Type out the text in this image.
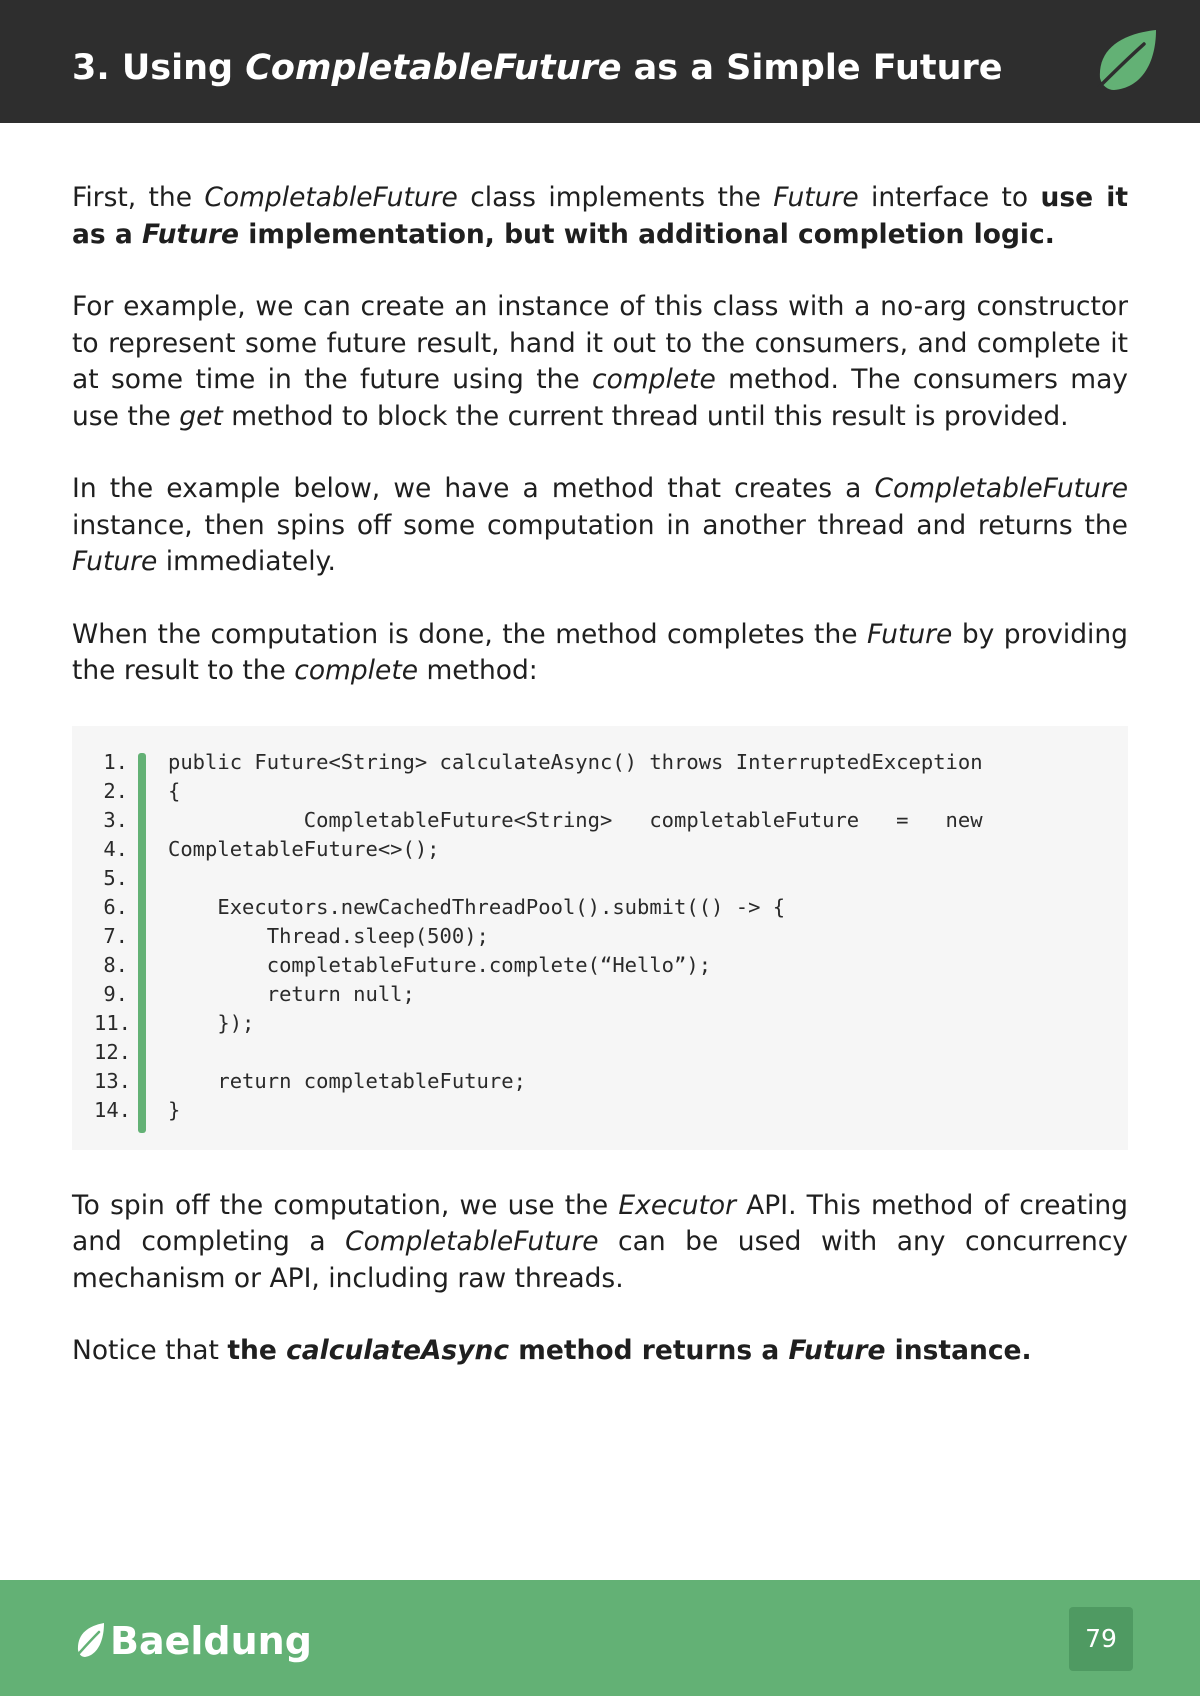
3. Using CompletableFuture as a Simple Future

First, the CompletableFuture class implements the Future interface to use it as a Future implementation, but with additional completion logic.

For example, we can create an instance of this class with a no-arg constructor to represent some future result, hand it out to the consumers, and complete it at some time in the future using the complete method. The consumers may use the get method to block the current thread until this result is provided.

In the example below, we have a method that creates a CompletableFuture instance, then spins off some computation in another thread and returns the Future immediately.

When the computation is done, the method completes the Future by providing the result to the complete method:

1. public Future<String> calculateAsync() throws InterruptedException
2. {
3. CompletableFuture<String>   completableFuture   =   new
4. CompletableFuture<>();
5.
6. Executors.newCachedThreadPool().submit(() -> {
7. Thread.sleep(500);
8. completableFuture.complete(“Hello”);
9. return null;
11. });
12.
13. return completableFuture;
14. }

To spin off the computation, we use the Executor API. This method of creating and completing a CompletableFuture can be used with any concurrency mechanism or API, including raw threads.

Notice that the calculateAsync method returns a Future instance.

Baeldung	79
